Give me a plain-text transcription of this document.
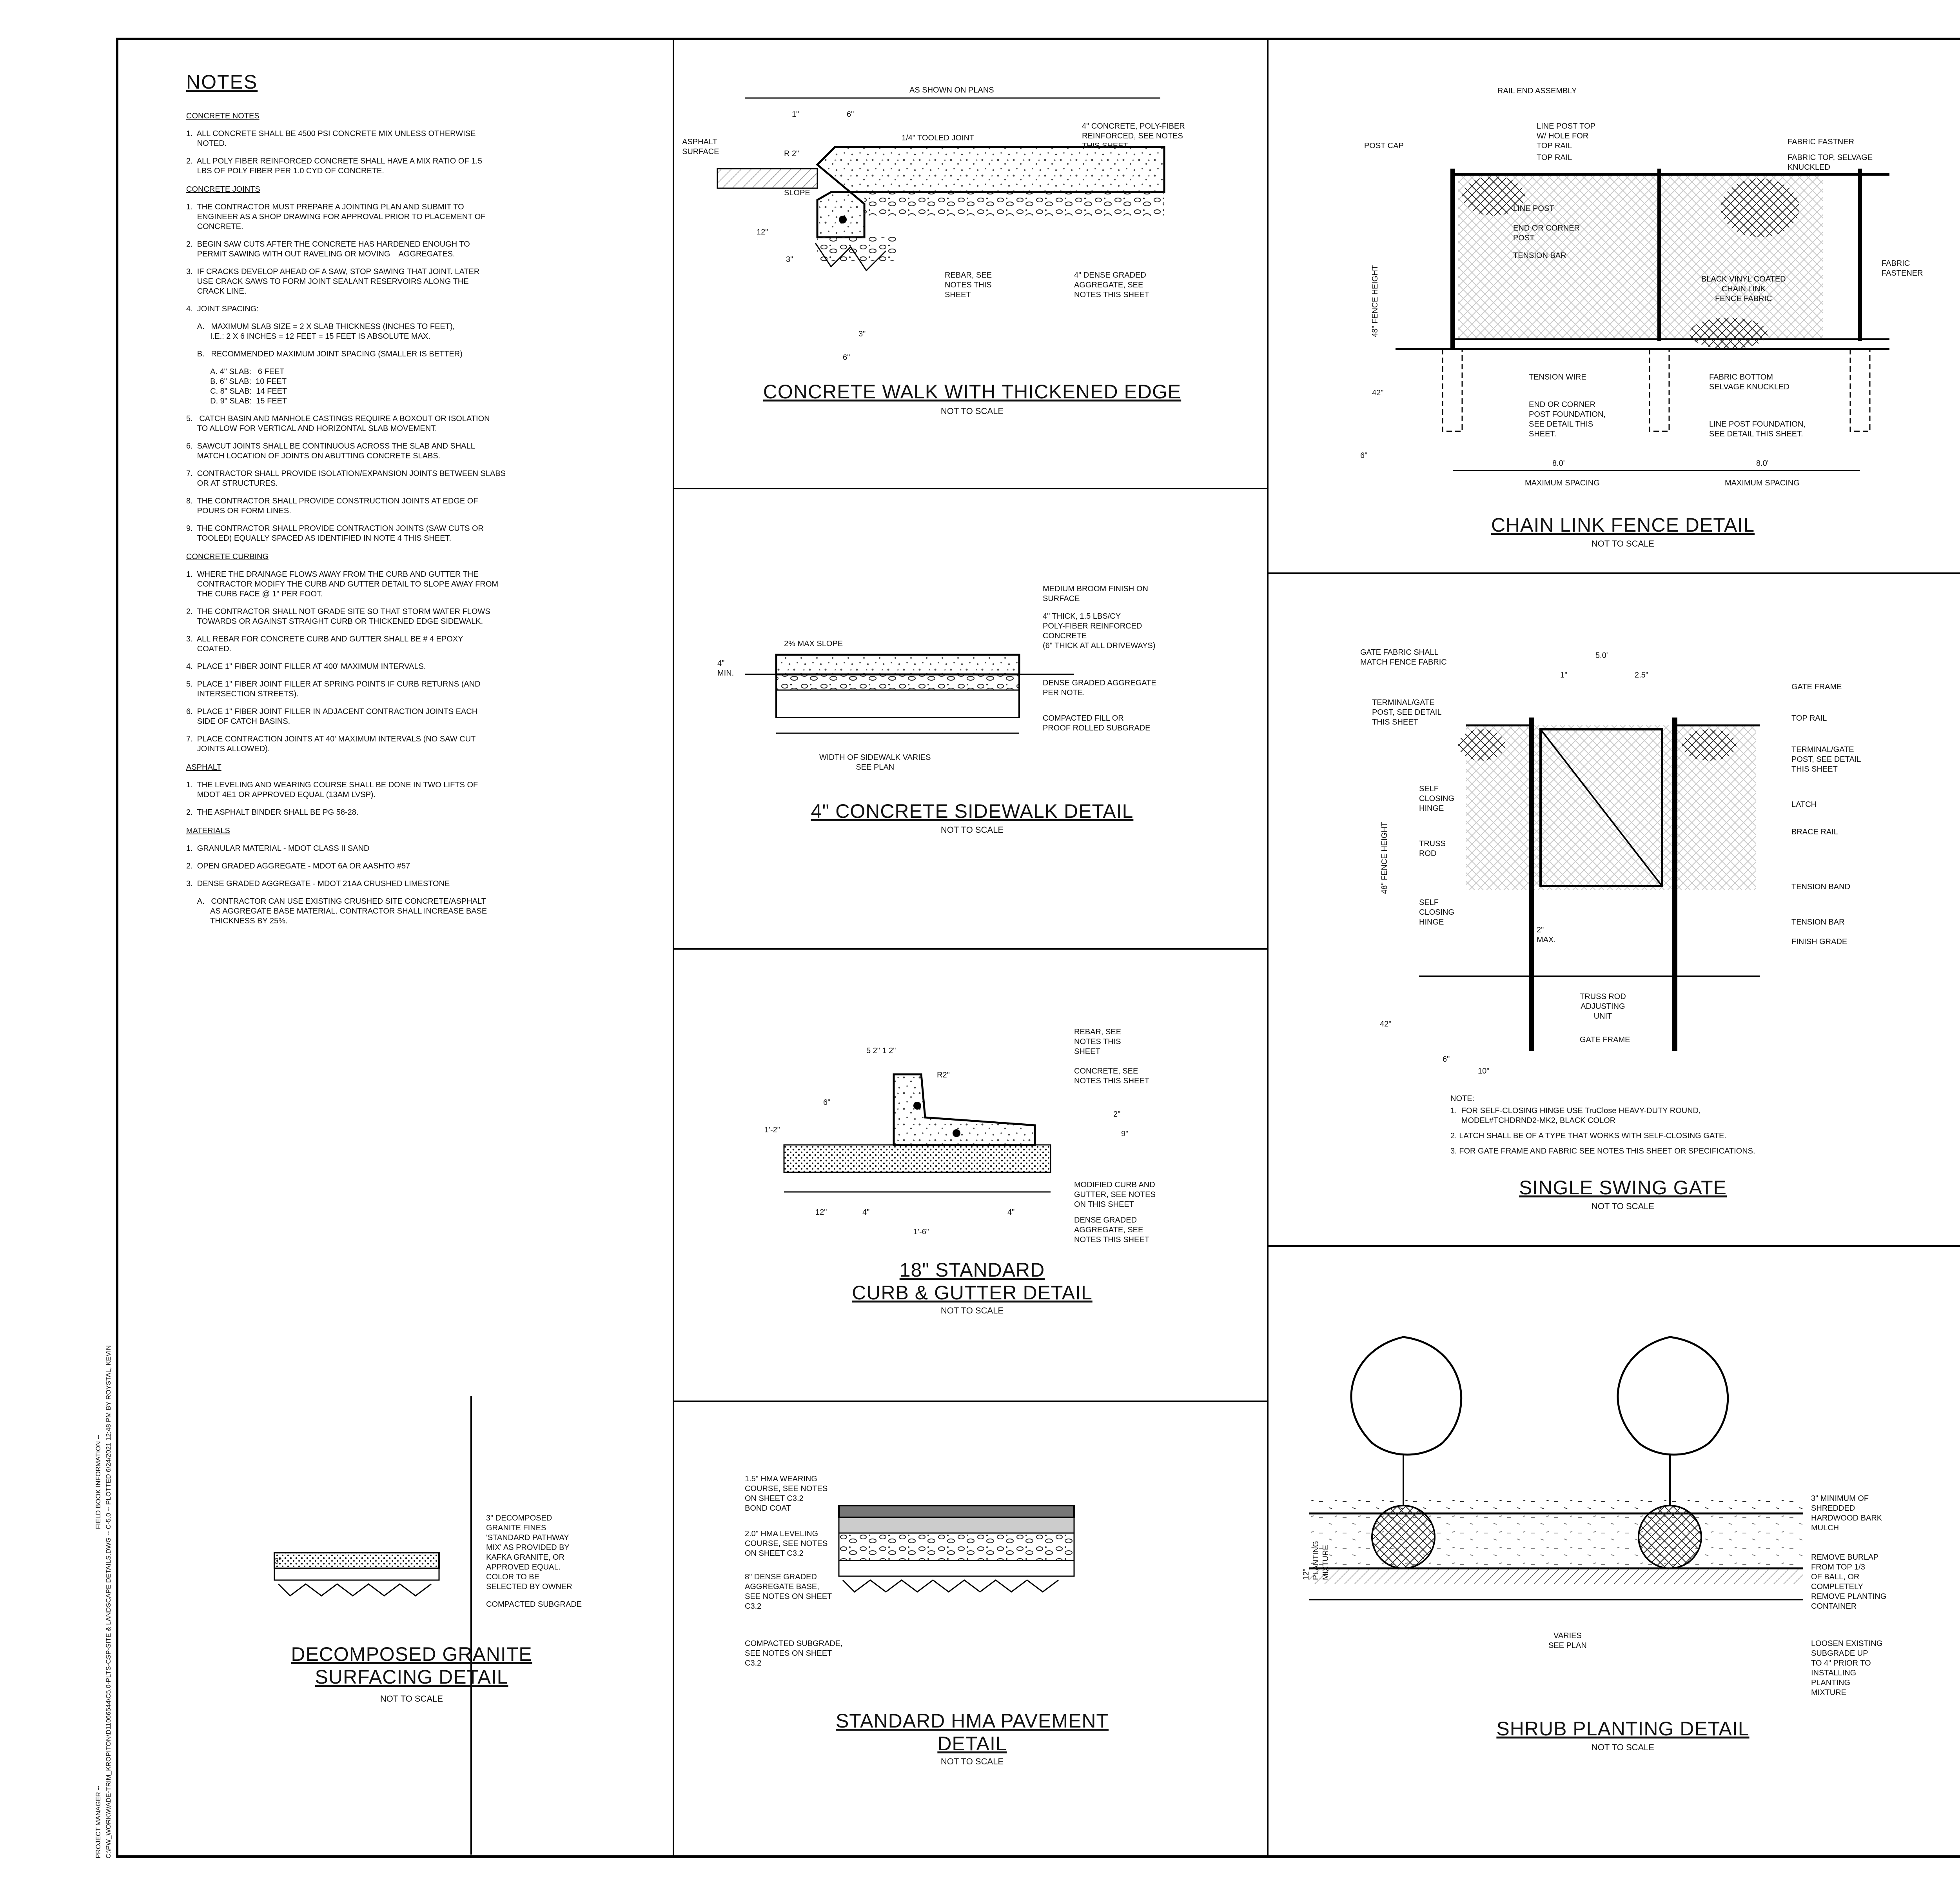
PROJECT MANAGER -- C:\PW_WORK\WADE-TRIM_KROPITON\D11066544\C5.0-PLTS-CSP-SITE & LANDSCAPE DETAILS.DWG -- C-5.0 -- PLOTTED 6/24/2021 12:48 PM BY ROYSTAL, KEVIN
FIELD BOOK INFORMATION --
NOTES
CONCRETE NOTES
1.  ALL CONCRETE SHALL BE 4500 PSI CONCRETE MIX UNLESS OTHERWISE
NOTED.
2.  ALL POLY FIBER REINFORCED CONCRETE SHALL HAVE A MIX RATIO OF 1.5
LBS OF POLY FIBER PER 1.0 CYD OF CONCRETE.
CONCRETE JOINTS
1.  THE CONTRACTOR MUST PREPARE A JOINTING PLAN AND SUBMIT TO
ENGINEER AS A SHOP DRAWING FOR APPROVAL PRIOR TO PLACEMENT OF
CONCRETE.
2.  BEGIN SAW CUTS AFTER THE CONCRETE HAS HARDENED ENOUGH TO
PERMIT SAWING WITH OUT RAVELING OR MOVING    AGGREGATES.
3.  IF CRACKS DEVELOP AHEAD OF A SAW, STOP SAWING THAT JOINT. LATER
USE CRACK SAWS TO FORM JOINT SEALANT RESERVOIRS ALONG THE
CRACK LINE.
4.  JOINT SPACING:
A.   MAXIMUM SLAB SIZE = 2 X SLAB THICKNESS (INCHES TO FEET),
I.E.: 2 X 6 INCHES = 12 FEET = 15 FEET IS ABSOLUTE MAX.
B.   RECOMMENDED MAXIMUM JOINT SPACING (SMALLER IS BETTER)
A. 4" SLAB:   6 FEET
B. 6" SLAB:  10 FEET
C. 8" SLAB:  14 FEET
D. 9" SLAB:  15 FEET
5.   CATCH BASIN AND MANHOLE CASTINGS REQUIRE A BOXOUT OR ISOLATION
TO ALLOW FOR VERTICAL AND HORIZONTAL SLAB MOVEMENT.
6.  SAWCUT JOINTS SHALL BE CONTINUOUS ACROSS THE SLAB AND SHALL
MATCH LOCATION OF JOINTS ON ABUTTING CONCRETE SLABS.
7.  CONTRACTOR SHALL PROVIDE ISOLATION/EXPANSION JOINTS BETWEEN SLABS
OR AT STRUCTURES.
8.  THE CONTRACTOR SHALL PROVIDE CONSTRUCTION JOINTS AT EDGE OF
POURS OR FORM LINES.
9.  THE CONTRACTOR SHALL PROVIDE CONTRACTION JOINTS (SAW CUTS OR
TOOLED) EQUALLY SPACED AS IDENTIFIED IN NOTE 4 THIS SHEET.
CONCRETE CURBING
1.  WHERE THE DRAINAGE FLOWS AWAY FROM THE CURB AND GUTTER THE
CONTRACTOR MODIFY THE CURB AND GUTTER DETAIL TO SLOPE AWAY FROM
THE CURB FACE @ 1" PER FOOT.
2.  THE CONTRACTOR SHALL NOT GRADE SITE SO THAT STORM WATER FLOWS
TOWARDS OR AGAINST STRAIGHT CURB OR THICKENED EDGE SIDEWALK.
3.  ALL REBAR FOR CONCRETE CURB AND GUTTER SHALL BE # 4 EPOXY
COATED.
4.  PLACE 1" FIBER JOINT FILLER AT 400' MAXIMUM INTERVALS.
5.  PLACE 1" FIBER JOINT FILLER AT SPRING POINTS IF CURB RETURNS (AND
INTERSECTION STREETS).
6.  PLACE 1" FIBER JOINT FILLER IN ADJACENT CONTRACTION JOINTS EACH
SIDE OF CATCH BASINS.
7.  PLACE CONTRACTION JOINTS AT 40' MAXIMUM INTERVALS (NO SAW CUT
JOINTS ALLOWED).
ASPHALT
1.  THE LEVELING AND WEARING COURSE SHALL BE DONE IN TWO LIFTS OF
MDOT 4E1 OR APPROVED EQUAL (13AM LVSP).
2.  THE ASPHALT BINDER SHALL BE PG 58-28.
MATERIALS
1.  GRANULAR MATERIAL - MDOT CLASS II SAND
2.  OPEN GRADED AGGREGATE - MDOT 6A OR AASHTO #57
3.  DENSE GRADED AGGREGATE - MDOT 21AA CRUSHED LIMESTONE
A.   CONTRACTOR CAN USE EXISTING CRUSHED SITE CONCRETE/ASPHALT
AS AGGREGATE BASE MATERIAL. CONTRACTOR SHALL INCREASE BASE
THICKNESS BY 25%.
AS SHOWN ON PLANS
ASPHALT
SURFACE
1"	6"
R 2"
1/4" TOOLED JOINT
4" CONCRETE, POLY-FIBER
REINFORCED, SEE NOTES
THIS SHEET
SLOPE
12"
3"
REBAR, SEE
NOTES THIS
SHEET
4" DENSE GRADED
AGGREGATE, SEE
NOTES THIS SHEET
3"
6"
CONCRETE WALK WITH THICKENED EDGE
NOT TO SCALE
MEDIUM BROOM FINISH ON
SURFACE
4" THICK, 1.5 LBS/CY
POLY-FIBER REINFORCED
CONCRETE
(6" THICK AT ALL DRIVEWAYS)
2% MAX SLOPE
4"
MIN.
DENSE GRADED AGGREGATE
PER NOTE.
COMPACTED FILL OR
PROOF ROLLED SUBGRADE
WIDTH OF SIDEWALK VARIES
SEE PLAN
4" CONCRETE SIDEWALK DETAIL
NOT TO SCALE
5 2" 1 2"
R2"
REBAR, SEE
NOTES THIS
SHEET
CONCRETE, SEE
NOTES THIS SHEET
1'-2"
6"
9"
2"
MODIFIED CURB AND
GUTTER, SEE NOTES
ON THIS SHEET
DENSE GRADED
AGGREGATE, SEE
NOTES THIS SHEET
12"	4"	4"
1'-6"
18" STANDARD
CURB & GUTTER DETAIL
NOT TO SCALE
3" DECOMPOSED
GRANITE FINES
'STANDARD PATHWAY
MIX' AS PROVIDED BY
KAFKA GRANITE, OR
APPROVED EQUAL.
COLOR TO BE
SELECTED BY OWNER
COMPACTED SUBGRADE
3"
DECOMPOSED GRANITE
SURFACING DETAIL
NOT TO SCALE
1.5" HMA WEARING
COURSE, SEE NOTES
ON SHEET C3.2
BOND COAT
2.0" HMA LEVELING
COURSE, SEE NOTES
ON SHEET C3.2
8" DENSE GRADED
AGGREGATE BASE,
SEE NOTES ON SHEET
C3.2
COMPACTED SUBGRADE,
SEE NOTES ON SHEET
C3.2
STANDARD HMA PAVEMENT
DETAIL
NOT TO SCALE
RAIL END ASSEMBLY
POST CAP
LINE POST TOP
W/ HOLE FOR
TOP RAIL
TOP RAIL
LINE POST
END OR CORNER
POST
TENSION BAR
FABRIC FASTNER
FABRIC TOP, SELVAGE
KNUCKLED
FABRIC
FASTENER
BLACK VINYL COATED
CHAIN LINK
FENCE FABRIC
48" FENCE HEIGHT
TENSION WIRE	FABRIC BOTTOM
SELVAGE KNUCKLED
END OR CORNER
POST FOUNDATION,
SEE DETAIL THIS
SHEET.
LINE POST FOUNDATION,
SEE DETAIL THIS SHEET.
42"
6"
8.0'
MAXIMUM SPACING
8.0'
MAXIMUM SPACING
CHAIN LINK FENCE DETAIL
NOT TO SCALE
GATE FABRIC SHALL
MATCH FENCE FABRIC
5.0'
1"	2.5"
TERMINAL/GATE
POST, SEE DETAIL
THIS SHEET
GATE FRAME
TOP RAIL
TERMINAL/GATE
POST, SEE DETAIL
THIS SHEET
LATCH
SELF
CLOSING
HINGE
BRACE RAIL
TRUSS
ROD
48" FENCE HEIGHT	TENSION BAND
SELF
CLOSING
HINGE	TENSION BAR
FINISH GRADE
2"
MAX.
TRUSS ROD
ADJUSTING
UNIT
GATE FRAME
42"
6"
10"
NOTE:
1.  FOR SELF-CLOSING HINGE USE TruClose HEAVY-DUTY ROUND,
MODEL#TCHDRND2-MK2, BLACK COLOR
2. LATCH SHALL BE OF A TYPE THAT WORKS WITH SELF-CLOSING GATE.
3. FOR GATE FRAME AND FABRIC SEE NOTES THIS SHEET OR SPECIFICATIONS.
SINGLE SWING GATE
NOT TO SCALE
3" MINIMUM OF
SHREDDED
HARDWOOD BARK
MULCH
REMOVE BURLAP
FROM TOP 1/3
OF BALL, OR
COMPLETELY
REMOVE PLANTING
CONTAINER
LOOSEN EXISTING
SUBGRADE UP
TO 4" PRIOR TO
INSTALLING
PLANTING
MIXTURE
12"
PLANTING
MIXTURE
VARIES
SEE PLAN
SHRUB PLANTING DETAIL
NOT TO SCALE
